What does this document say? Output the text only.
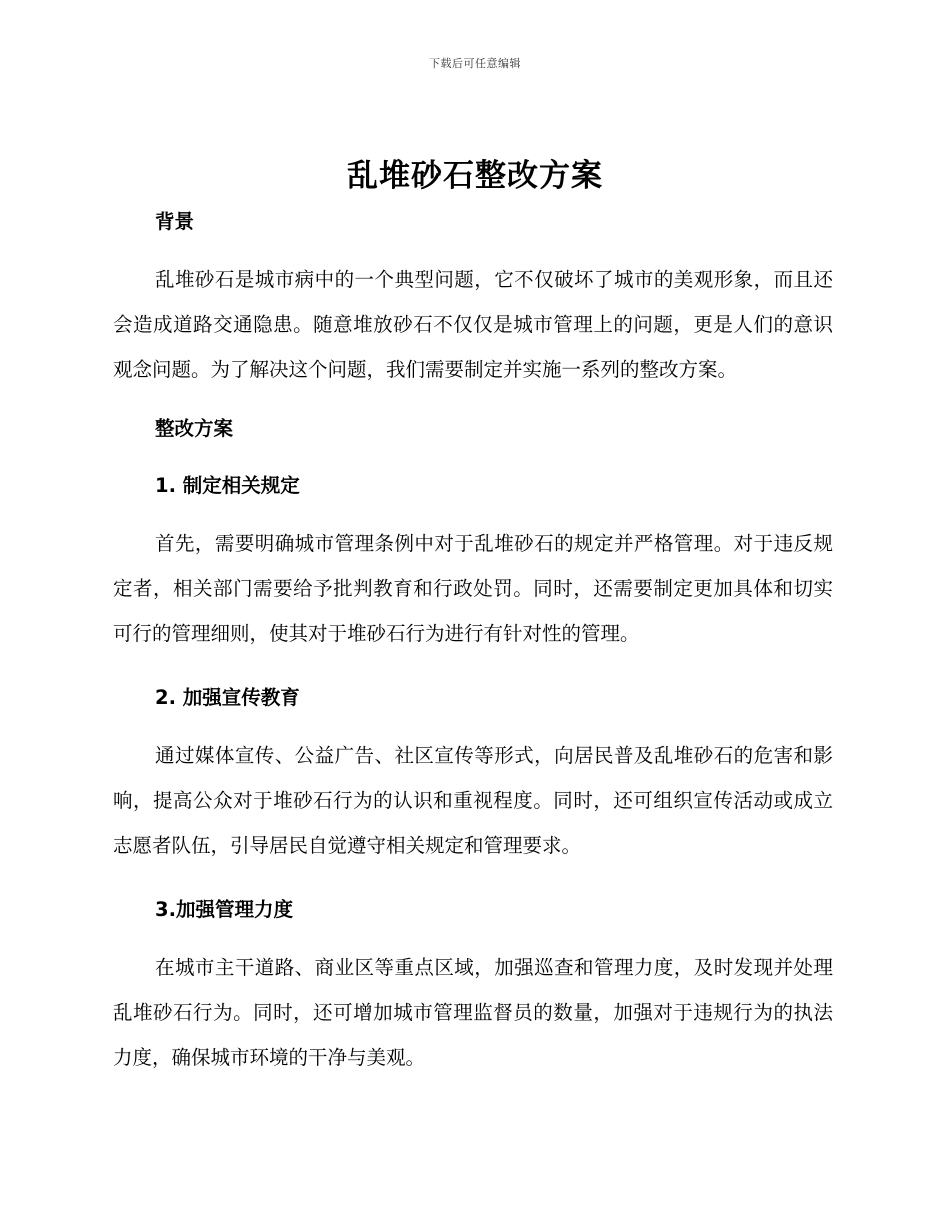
下载后可任意编辑
乱堆砂石整改方案
背景

乱堆砂石是城市病中的一个典型问题，它不仅破坏了城市的美观形象，而且还会造成道路交通隐患。随意堆放砂石不仅仅是城市管理上的问题，更是人们的意识观念问题。为了解决这个问题，我们需要制定并实施一系列的整改方案。

整改方案
1. 制定相关规定

首先，需要明确城市管理条例中对于乱堆砂石的规定并严格管理。对于违反规定者，相关部门需要给予批判教育和行政处罚。同时，还需要制定更加具体和切实可行的管理细则，使其对于堆砂石行为进行有针对性的管理。

2. 加强宣传教育

通过媒体宣传、公益广告、社区宣传等形式，向居民普及乱堆砂石的危害和影响，提高公众对于堆砂石行为的认识和重视程度。同时，还可组织宣传活动或成立志愿者队伍，引导居民自觉遵守相关规定和管理要求。

3.加强管理力度

在城市主干道路、商业区等重点区域，加强巡查和管理力度，及时发现并处理乱堆砂石行为。同时，还可增加城市管理监督员的数量，加强对于违规行为的执法力度，确保城市环境的干净与美观。
